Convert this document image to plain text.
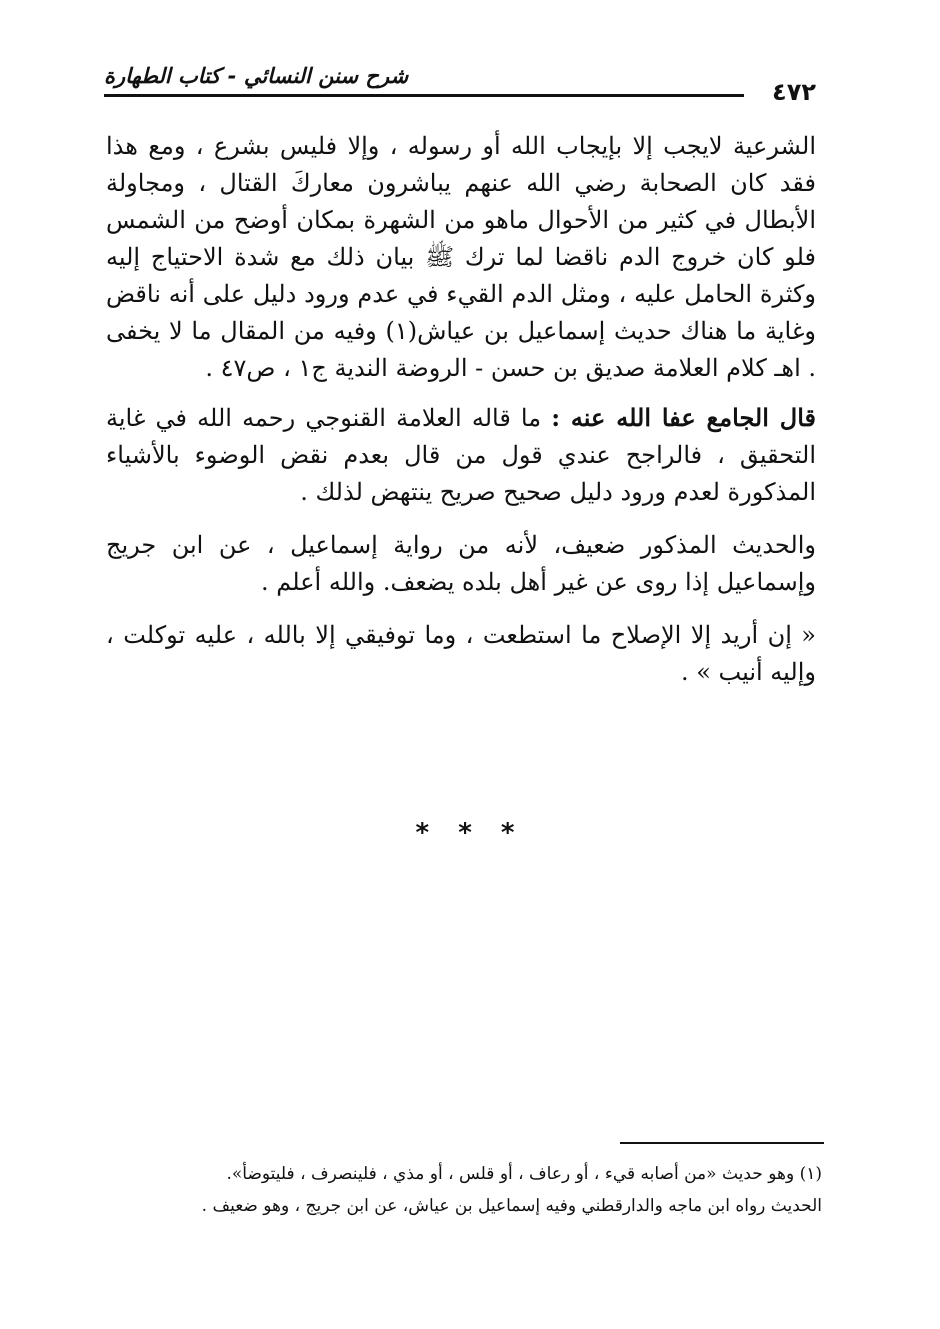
شرح سنن النسائي - كتاب الطهارة
٤٧٢

الشرعية لايجب إلا بإيجاب الله أو رسوله ، وإلا فليس بشرع ، ومع هذا فقد كان الصحابة رضي الله عنهم يباشرون معاركَ القتال ، ومجاولة الأبطال في كثير من الأحوال ماهو من الشهرة بمكان أوضح من الشمس فلو كان خروج الدم ناقضا لما ترك ﷺ بيان ذلك مع شدة الاحتياج إليه وكثرة الحامل عليه ، ومثل الدم القيء في عدم ورود دليل على أنه ناقض وغاية ما هناك حديث إسماعيل بن عياش(١) وفيه من المقال ما لا يخفى . اهـ كلام العلامة صديق بن حسن - الروضة الندية ج١ ، ص٤٧ .

قال الجامع عفا الله عنه : ما قاله العلامة القنوجي رحمه الله في غاية التحقيق ، فالراجح عندي قول من قال بعدم نقض الوضوء بالأشياء المذكورة لعدم ورود دليل صحيح صريح ينتهض لذلك .

والحديث المذكور ضعيف، لأنه من رواية إسماعيل ، عن ابن جريج وإسماعيل إذا روى عن غير أهل بلده يضعف. والله أعلم .

« إن أريد إلا الإصلاح ما استطعت ، وما توفيقي إلا بالله ، عليه توكلت ، وإليه أنيب » .

* * *
(١) وهو حديث «من أصابه قيء ، أو رعاف ، أو قلس ، أو مذي ، فلينصرف ، فليتوضأ».
الحديث رواه ابن ماجه والدارقطني وفيه إسماعيل بن عياش، عن ابن جريج ، وهو ضعيف .
